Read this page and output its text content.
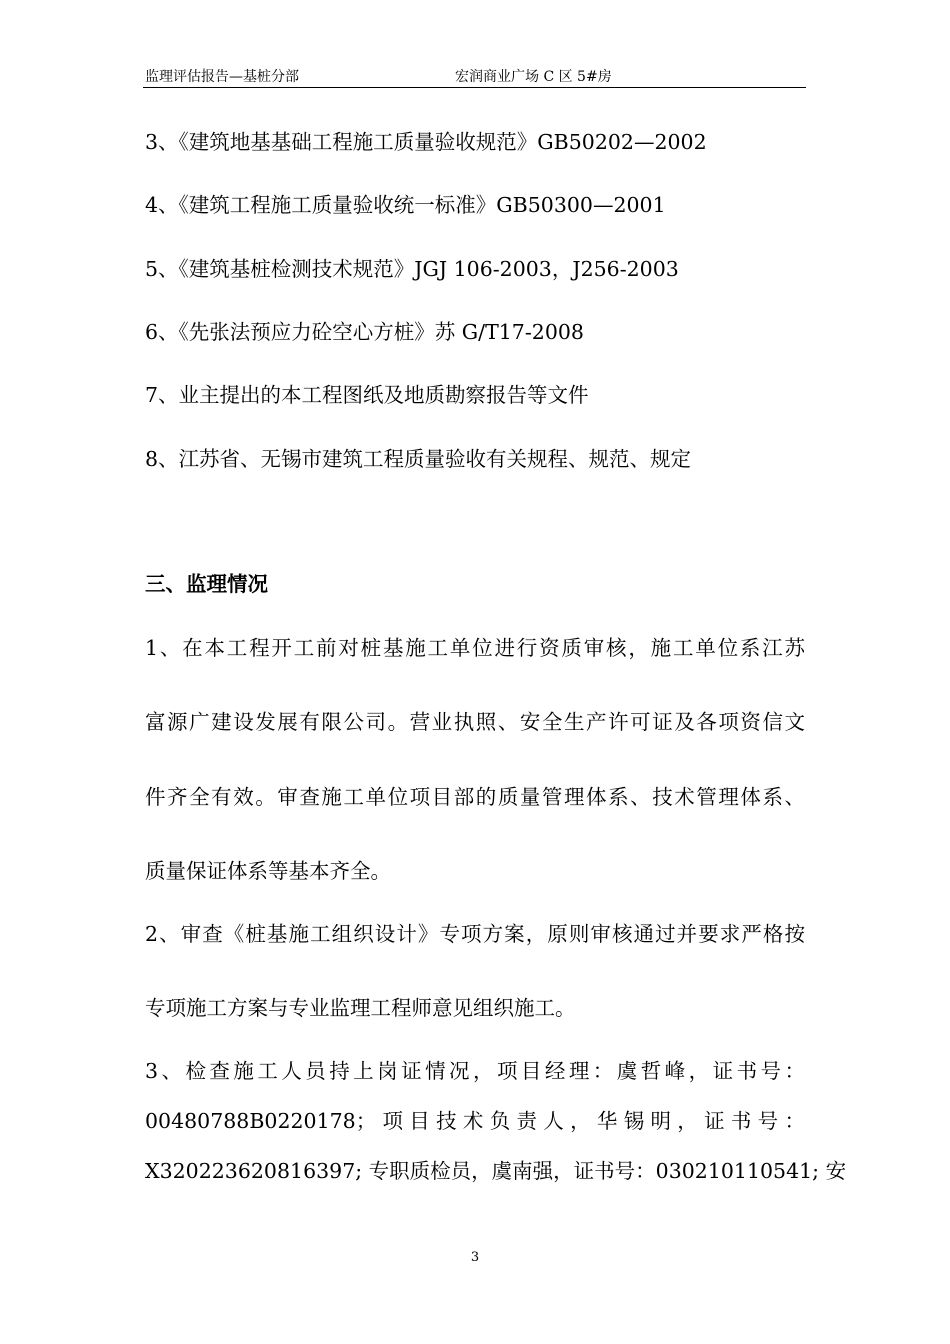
监理评估报告—基桩分部	宏润商业广场 C 区 5#房
3、《建筑地基基础工程施工质量验收规范》GB50202—2002
4、《建筑工程施工质量验收统一标准》GB50300—2001
5、《建筑基桩检测技术规范》JGJ 106-2003，J256-2003
6、《先张法预应力砼空心方桩》苏 G/T17-2008
7、业主提出的本工程图纸及地质勘察报告等文件
8、江苏省、无锡市建筑工程质量验收有关规程、规范、规定
三、监理情况
1、在本工程开工前对桩基施工单位进行资质审核，施工单位系江苏
富源广建设发展有限公司。营业执照、安全生产许可证及各项资信文
件齐全有效。审查施工单位项目部的质量管理体系、技术管理体系、
质量保证体系等基本齐全。
2、审查《桩基施工组织设计》专项方案，原则审核通过并要求严格按
专项施工方案与专业监理工程师意见组织施工。
3、检查施工人员持上岗证情况，项目经理：虞哲峰，证书号：
00480788B0220178；项目技术负责人，华锡明，证书号：
X320223620816397; 专职质检员，虞南强，证书号：030210110541; 安
3
